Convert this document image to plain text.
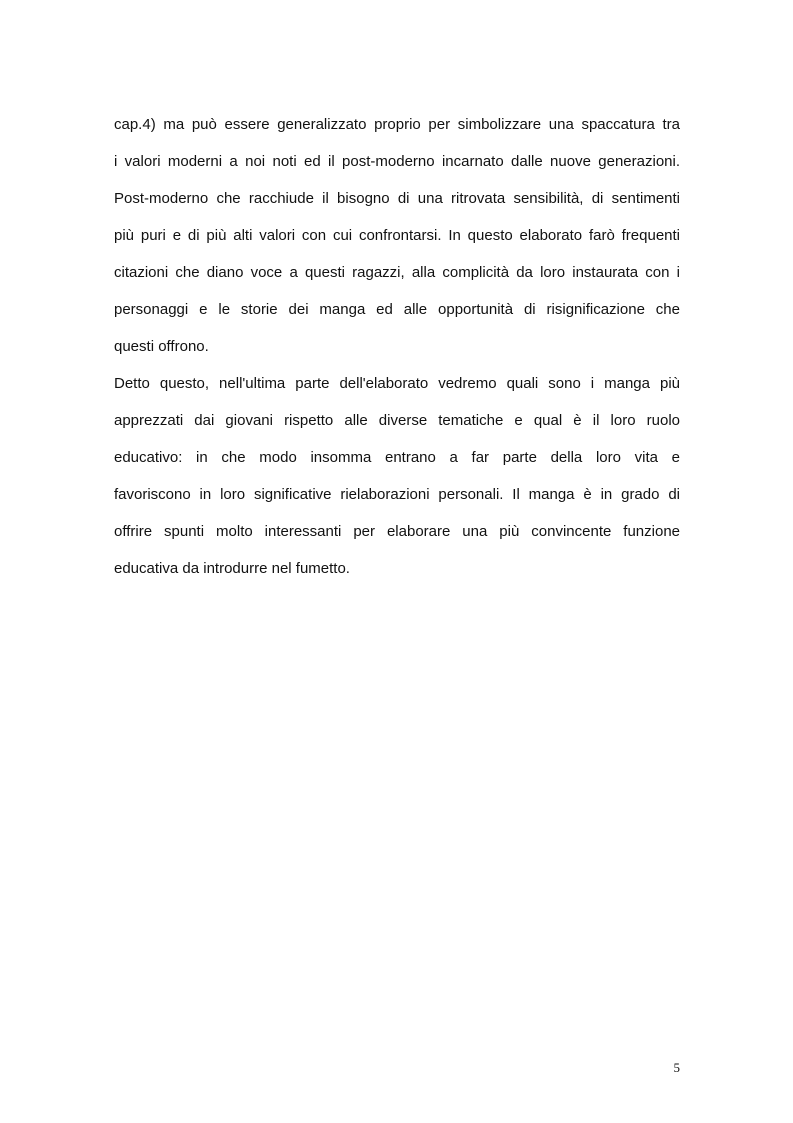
cap.4) ma può essere generalizzato proprio per simbolizzare una spaccatura tra
i valori moderni a noi noti ed il post-moderno incarnato dalle nuove generazioni.
Post-moderno che racchiude il bisogno di una ritrovata sensibilità, di sentimenti
più puri e di più alti valori con cui confrontarsi. In questo elaborato farò frequenti
citazioni che diano voce a questi ragazzi, alla complicità da loro instaurata con i
personaggi e le storie dei manga ed alle opportunità di risignificazione che
questi offrono.
Detto questo, nell'ultima parte dell'elaborato vedremo quali sono i manga più
apprezzati dai giovani rispetto alle diverse tematiche e qual è il loro ruolo
educativo: in che modo insomma entrano a far parte della loro vita e
favoriscono in loro significative rielaborazioni personali. Il manga è in grado di
offrire spunti molto interessanti per elaborare una più convincente funzione
educativa da introdurre nel fumetto.
5
